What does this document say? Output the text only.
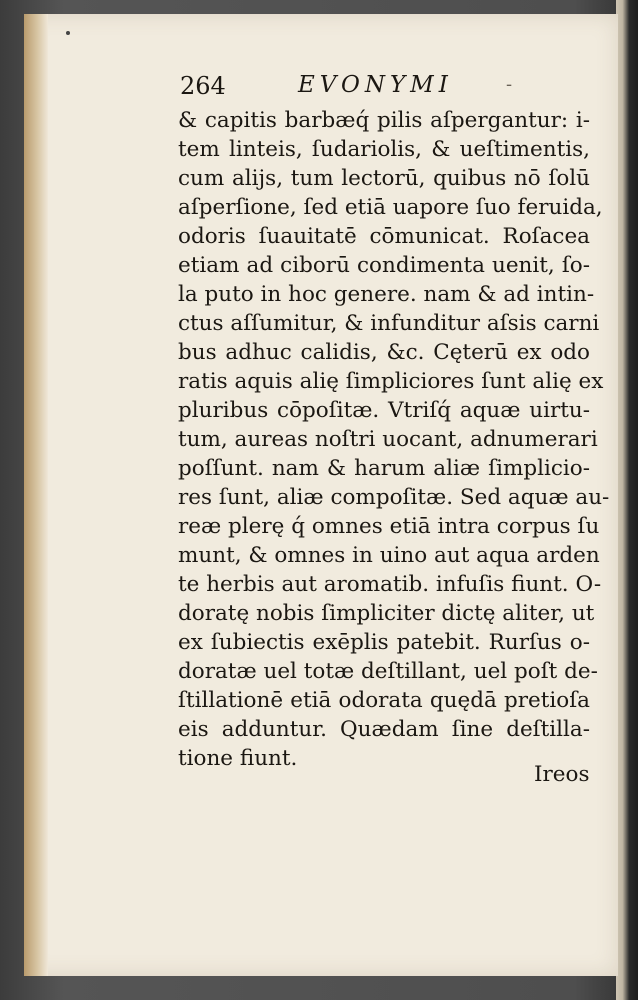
264	EVONYMI	-
& capitis barbæq́ pilis aſpergantur: i-
tem linteis, ſudariolis, & ueſtimentis,
cum alijs, tum lectorū, quibus nō ſolū
aſperſione, ſed etiā uapore ſuo feruida,
odoris ſuauitatē cōmunicat. Roſacea
etiam ad ciborū condimenta uenit, ſo-
la puto in hoc genere. nam & ad intin-
ctus aſſumitur, & infunditur aſsis carni
bus adhuc calidis, &c. Cęterū ex odo
ratis aquis alię ſimpliciores ſunt alię ex
pluribus cōpoſitæ. Vtriſq́ aquæ uirtu-
tum, aureas noſtri uocant, adnumerari
poſſunt. nam & harum aliæ ſimplicio-
res ſunt, aliæ compoſitæ. Sed aquæ au-
reæ plerę q́ omnes etiā intra corpus ſu
munt, & omnes in uino aut aqua arden
te herbis aut aromatib. infuſis fiunt. O-
doratę nobis ſimpliciter dictę aliter, ut
ex ſubiectis exēplis patebit. Rurſus o-
doratæ uel totæ deſtillant, uel poſt de-
ſtillationē etiā odorata quędā pretioſa
eis adduntur. Quædam ſine deſtilla-
tione fiunt.
Ireos
